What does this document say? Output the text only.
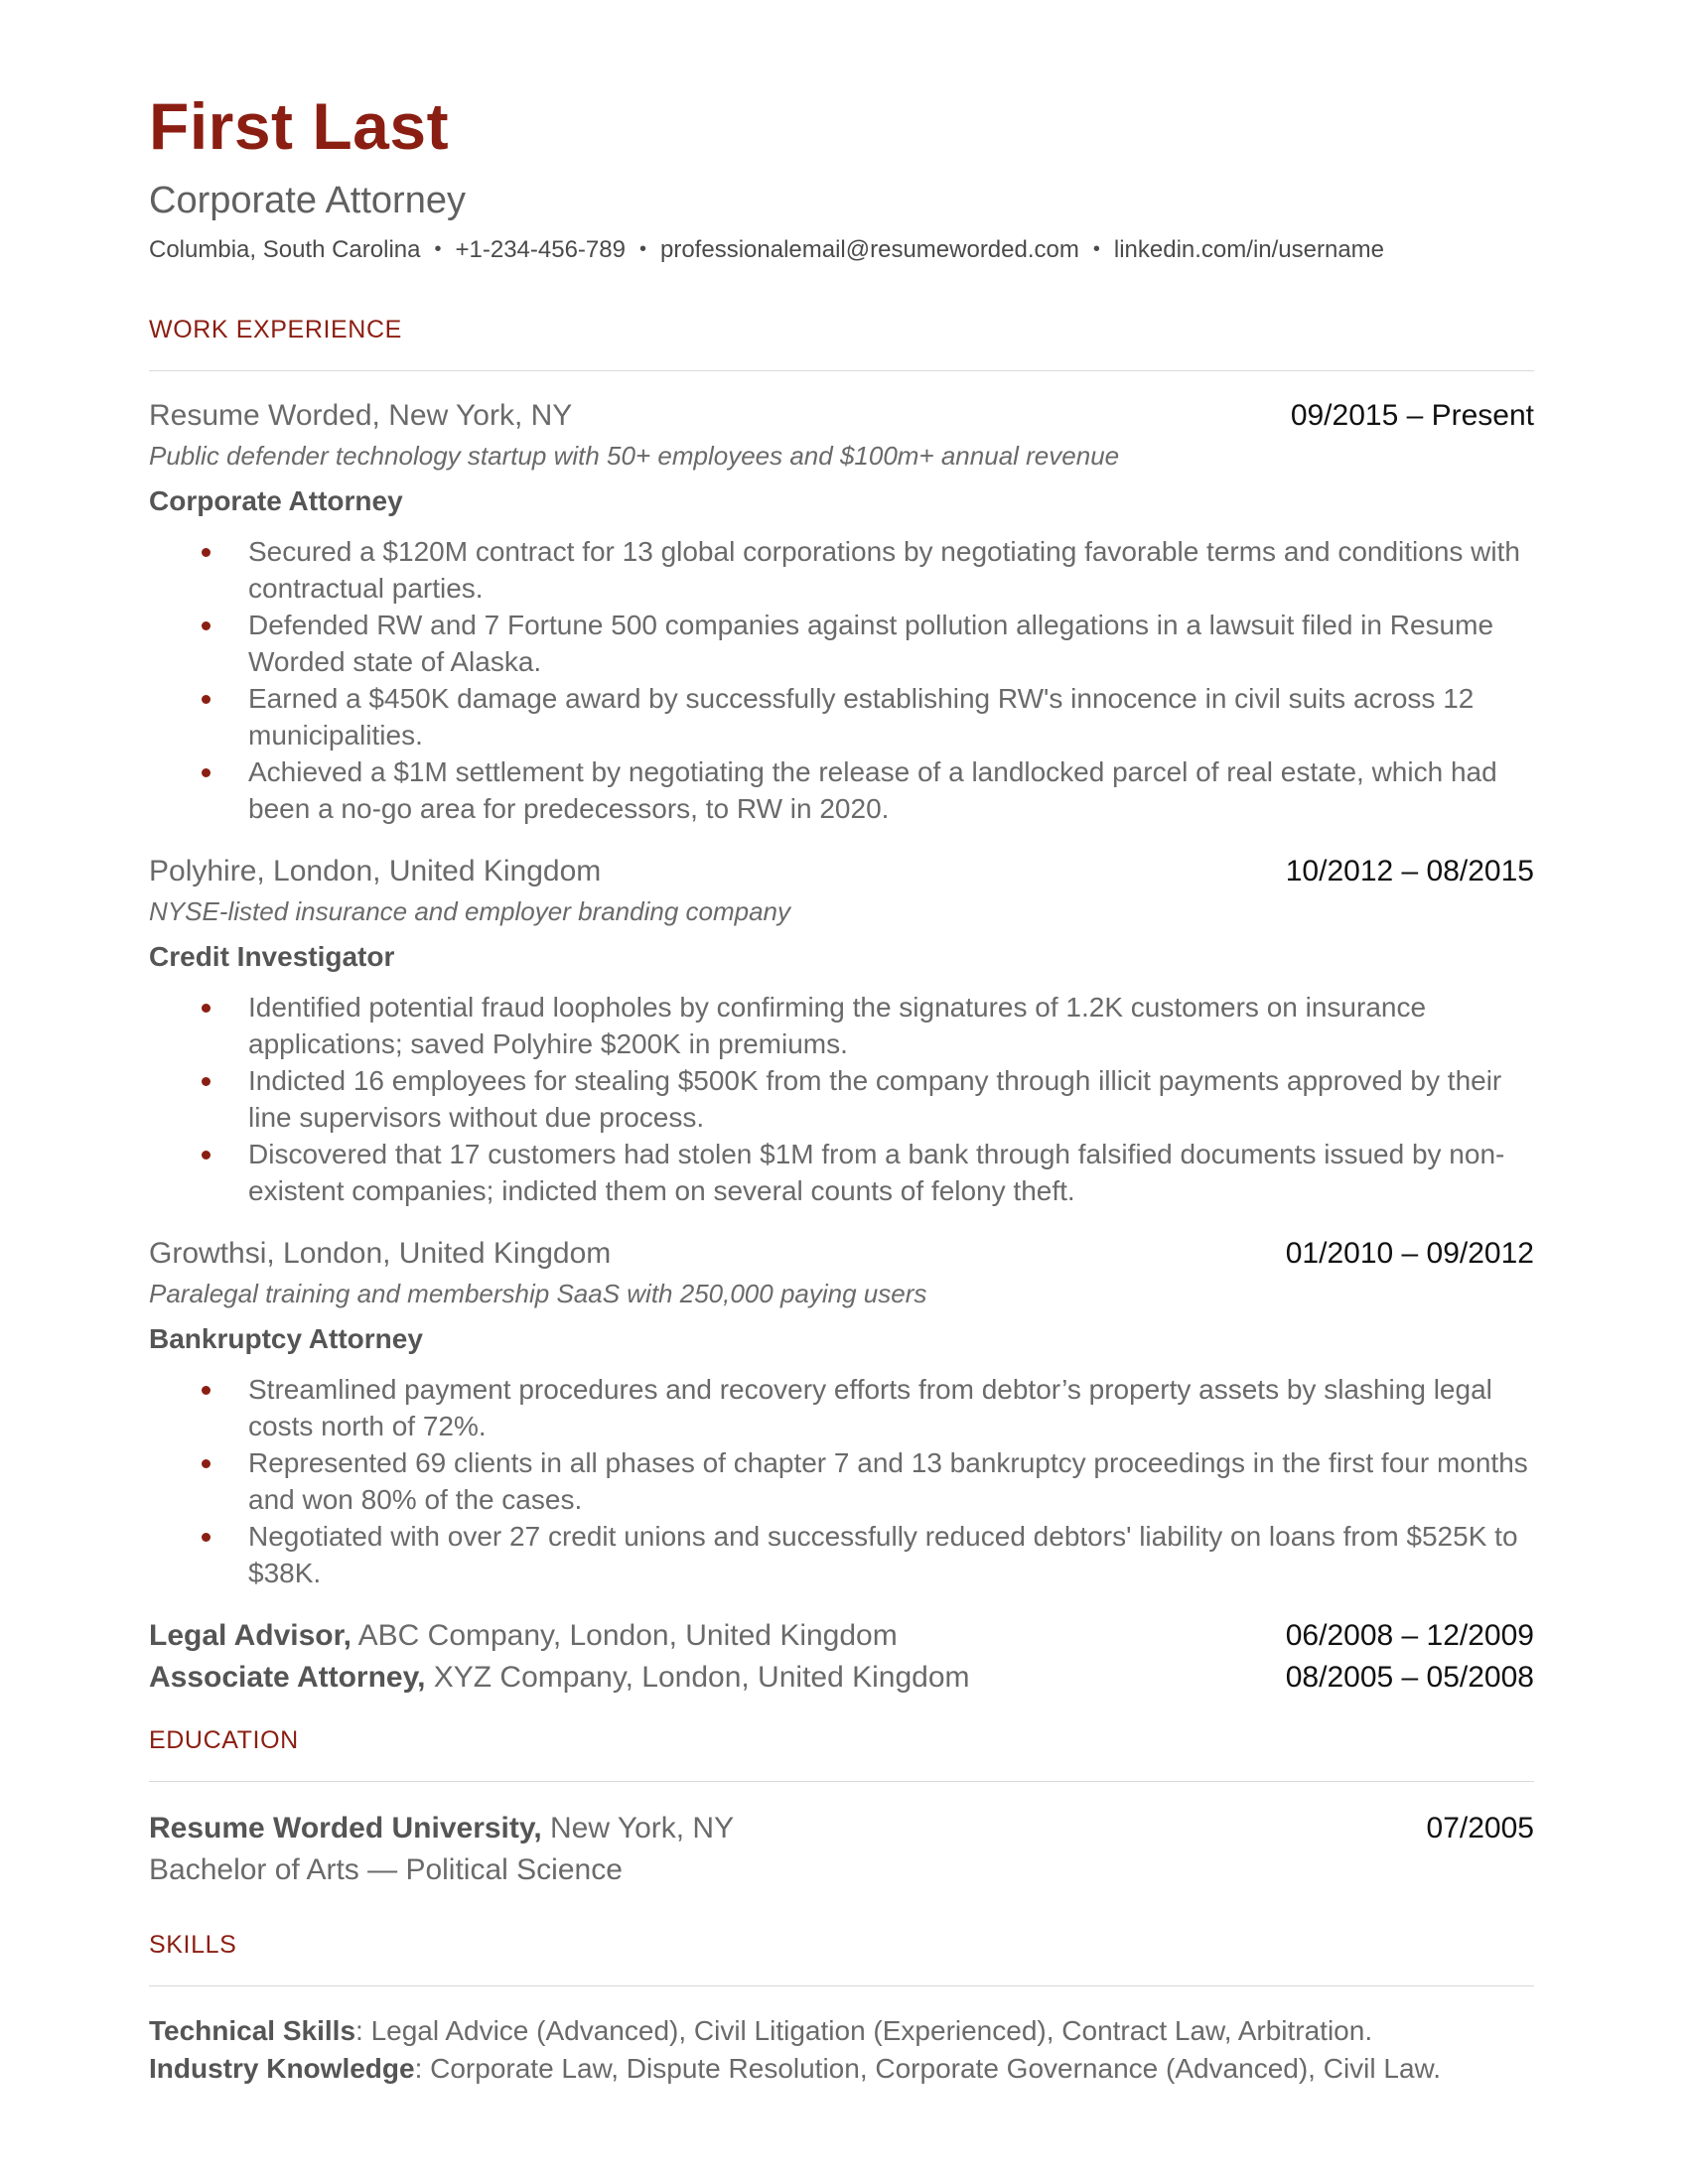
First Last
Corporate Attorney
Columbia, South Carolina • +1-234-456-789 • professionalemail@resumeworded.com • linkedin.com/in/username
WORK EXPERIENCE
Resume Worded, New York, NY	09/2015 – Present
Public defender technology startup with 50+ employees and $100m+ annual revenue
Corporate Attorney
Secured a $120M contract for 13 global corporations by negotiating favorable terms and conditions with contractual parties.
Defended RW and 7 Fortune 500 companies against pollution allegations in a lawsuit filed in Resume Worded state of Alaska.
Earned a $450K damage award by successfully establishing RW's innocence in civil suits across 12 municipalities.
Achieved a $1M settlement by negotiating the release of a landlocked parcel of real estate, which had been a no-go area for predecessors, to RW in 2020.
Polyhire, London, United Kingdom	10/2012 – 08/2015
NYSE-listed insurance and employer branding company
Credit Investigator
Identified potential fraud loopholes by confirming the signatures of 1.2K customers on insurance applications; saved Polyhire $200K in premiums.
Indicted 16 employees for stealing $500K from the company through illicit payments approved by their line supervisors without due process.
Discovered that 17 customers had stolen $1M from a bank through falsified documents issued by non-existent companies; indicted them on several counts of felony theft.
Growthsi, London, United Kingdom	01/2010 – 09/2012
Paralegal training and membership SaaS with 250,000 paying users
Bankruptcy Attorney
Streamlined payment procedures and recovery efforts from debtor’s property assets by slashing legal costs north of 72%.
Represented 69 clients in all phases of chapter 7 and 13 bankruptcy proceedings in the first four months and won 80% of the cases.
Negotiated with over 27 credit unions and successfully reduced debtors' liability on loans from $525K to $38K.
Legal Advisor, ABC Company, London, United Kingdom	06/2008 – 12/2009
Associate Attorney, XYZ Company, London, United Kingdom	08/2005 – 05/2008
EDUCATION
Resume Worded University, New York, NY	07/2005
Bachelor of Arts — Political Science
SKILLS
Technical Skills: Legal Advice (Advanced), Civil Litigation (Experienced), Contract Law, Arbitration.
Industry Knowledge: Corporate Law, Dispute Resolution, Corporate Governance (Advanced), Civil Law.
